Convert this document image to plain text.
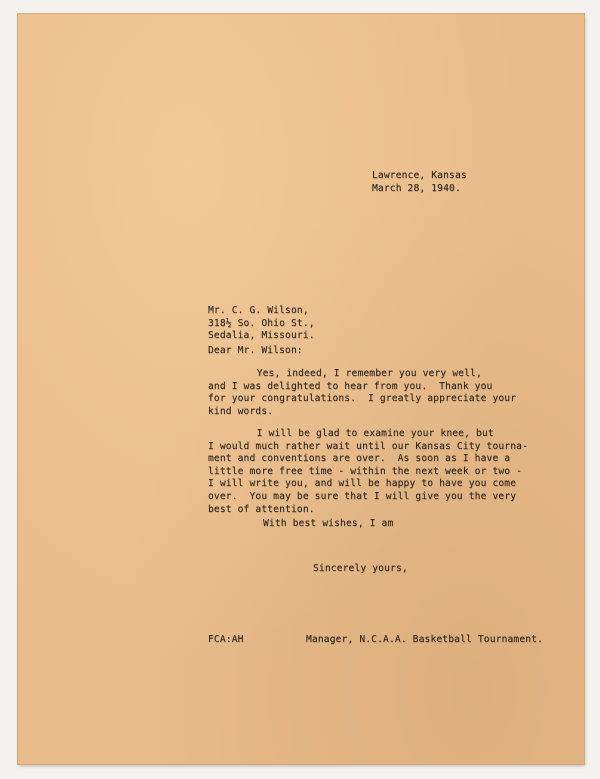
Lawrence, Kansas
March 28, 1940.
Mr. C. G. Wilson,
318½ So. Ohio St.,
Sedalia, Missouri.
Dear Mr. Wilson:
Yes, indeed, I remember you very well,
and I was delighted to hear from you.  Thank you
for your congratulations.  I greatly appreciate your
kind words.
I will be glad to examine your knee, but
I would much rather wait until our Kansas City tourna-
ment and conventions are over.  As soon as I have a
little more free time - within the next week or two -
I will write you, and will be happy to have you come
over.  You may be sure that I will give you the very
best of attention.
With best wishes, I am
Sincerely yours,
FCA:AH	Manager, N.C.A.A. Basketball Tournament.
